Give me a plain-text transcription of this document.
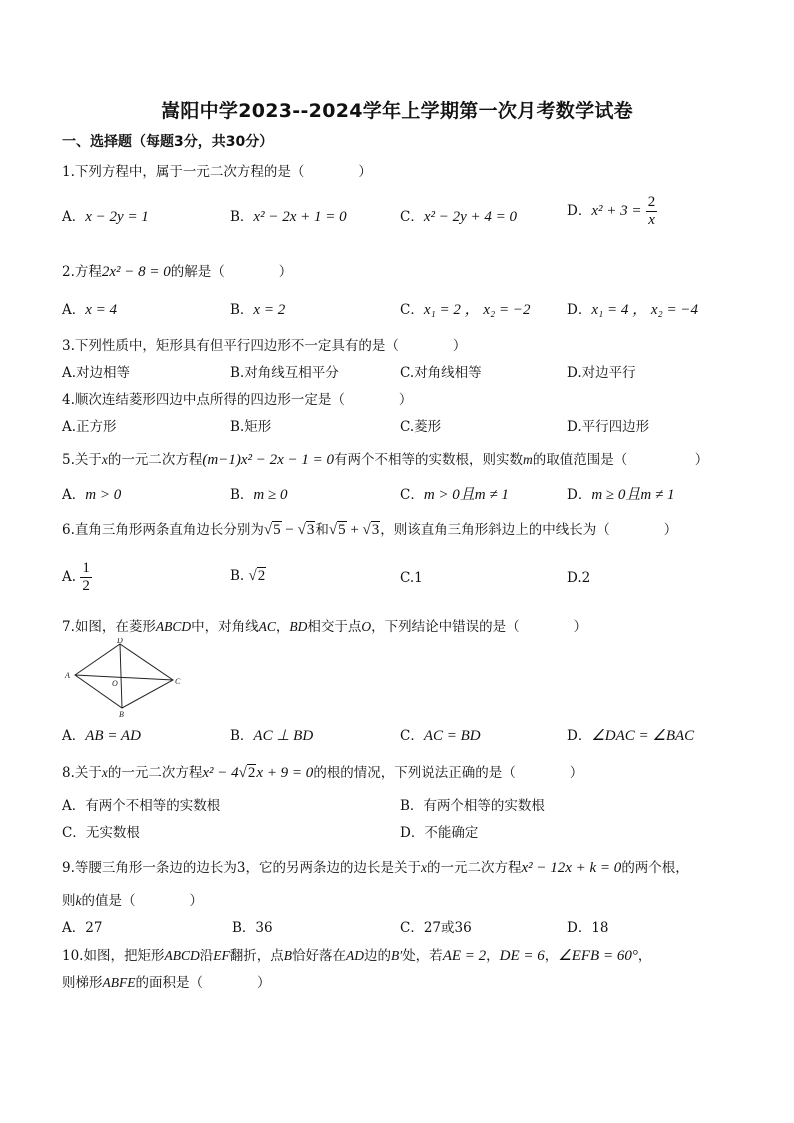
嵩阳中学2023--2024学年上学期第一次月考数学试卷
一、选择题（每题3分，共30分）
1.下列方程中，属于一元二次方程的是（　　　　）
A．x − 2y = 1	B．x² − 2x + 1 = 0	C．x² − 2y + 4 = 0	D．$x^2 + 3 = \frac{2}{x}$
2.方程2x² − 8 = 0的解是（　　　　）
A．x = 4	B．x = 2	C．x₁ = 2 ， x₂ = −2	D．x₁ = 4 ， x₂ = −4
3.下列性质中，矩形具有但平行四边形不一定具有的是（　　　　）
A.对边相等	B.对角线互相平分	C.对角线相等	D.对边平行
4.顺次连结菱形四边中点所得的四边形一定是（　　　　）
A.正方形	B.矩形	C.菱形	D.平行四边形
5.关于x的一元二次方程(m−1)x² − 2x − 1 = 0有两个不相等的实数根，则实数m的取值范围是（　　　　　）
A．m > 0	B．m ≥ 0	C．m > 0且m ≠ 1	D．m ≥ 0且m ≠ 1
6.直角三角形两条直角边长分别为√5 − √3和√5 + √3，则该直角三角形斜边上的中线长为（　　　　）
A. $\frac{1}{2}$	B. √2	C.1	D.2
7.如图，在菱形ABCD中，对角线AC，BD相交于点O，下列结论中错误的是（　　　　）
A
D
C
B
O
A．AB = AD	B．AC ⊥ BD	C．AC = BD	D．∠DAC = ∠BAC
8.关于x的一元二次方程x² − 4√2x + 9 = 0的根的情况，下列说法正确的是（　　　　）
A．有两个不相等的实数根	B．有两个相等的实数根
C．无实数根	D．不能确定
9.等腰三角形一条边的边长为3，它的另两条边的边长是关于x的一元二次方程x² − 12x + k = 0的两个根，
则k的值是（　　　　）
A．27	B．36	C．27或36	D．18
10.如图，把矩形ABCD沿EF翻折，点B恰好落在AD边的B′处，若AE = 2，DE = 6，∠EFB = 60°，
则梯形ABFE的面积是（　　　　）
